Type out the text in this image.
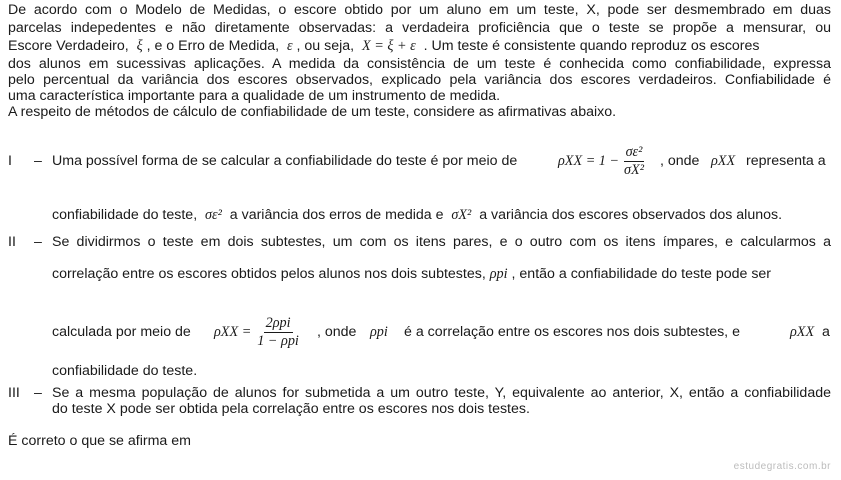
De acordo com o Modelo de Medidas, o escore obtido por um aluno em um teste, X, pode ser desmembrado em duas
parcelas indepedentes e não diretamente observadas: a verdadeira proficiência que o teste se propõe a mensurar, ou
Escore Verdadeiro, ξ , e o Erro de Medida, ε , ou seja, X = ξ + ε . Um teste é consistente quando reproduz os escores
dos alunos em sucessivas aplicações. A medida da consistência de um teste é conhecida como confiabilidade, expressa
pelo percentual da variância dos escores observados, explicado pela variância dos escores verdadeiros. Confiabilidade é
uma característica importante para a qualidade de um instrumento de medida.
A respeito de métodos de cálculo de confiabilidade de um teste, considere as afirmativas abaixo.
I – Uma possível forma de se calcular a confiabilidade do teste é por meio de	$\rho XX = 1 - \frac{\text{σε²}}{\text{σX²}}$ , onde ρXX representa a
confiabilidade do teste, σε² a variância dos erros de medida e σX² a variância dos escores observados dos alunos.
II – Se dividirmos o teste em dois subtestes, um com os itens pares, e o outro com os itens ímpares, e calcularmos a
correlação entre os escores obtidos pelos alunos nos dois subtestes, ρpi , então a confiabilidade do teste pode ser
calculada por meio de $\rho XX = \frac{\text{2ρpi}}{\text{1 − ρpi}}$ , onde ρpi é a correlação entre os escores nos dois subtestes, e	ρXX a
confiabilidade do teste.
III – Se a mesma população de alunos for submetida a um outro teste, Y, equivalente ao anterior, X, então a confiabilidade
do teste X pode ser obtida pela correlação entre os escores nos dois testes.
É correto o que se afirma em
estudegratis.com.br
